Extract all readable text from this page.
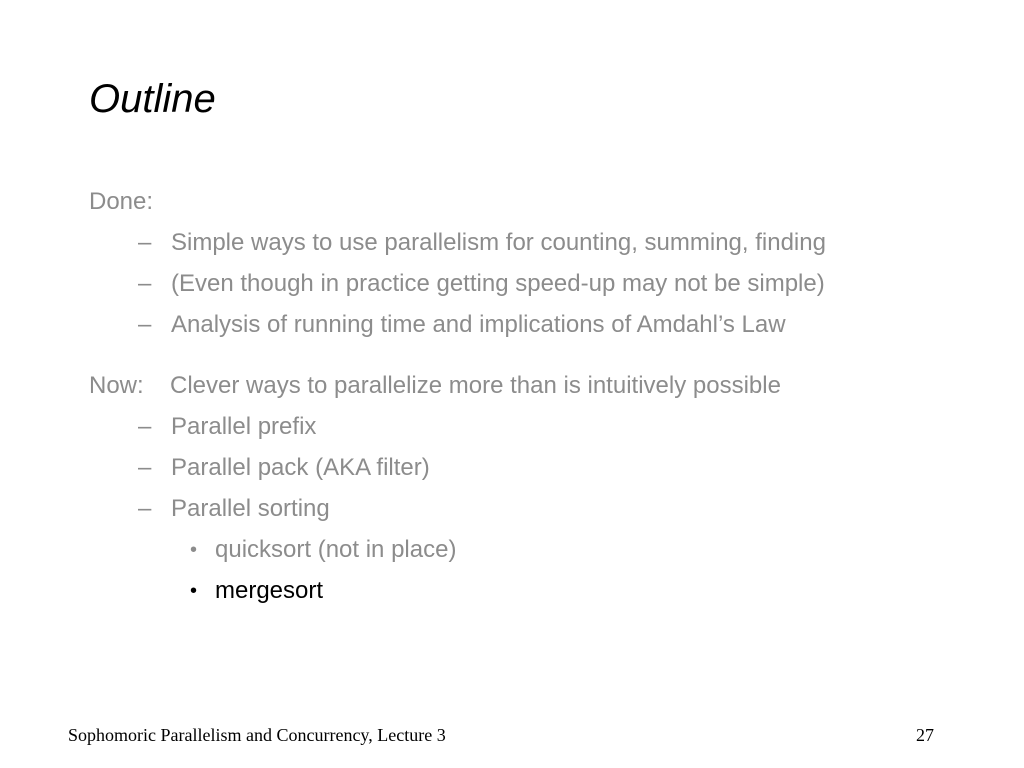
Outline
Done:
– Simple ways to use parallelism for counting, summing, finding
– (Even though in practice getting speed-up may not be simple)
– Analysis of running time and implications of Amdahl’s Law
Now: Clever ways to parallelize more than is intuitively possible
– Parallel prefix
– Parallel pack (AKA filter)
– Parallel sorting
• quicksort (not in place)
• mergesort
Sophomoric Parallelism and Concurrency, Lecture 3	27
